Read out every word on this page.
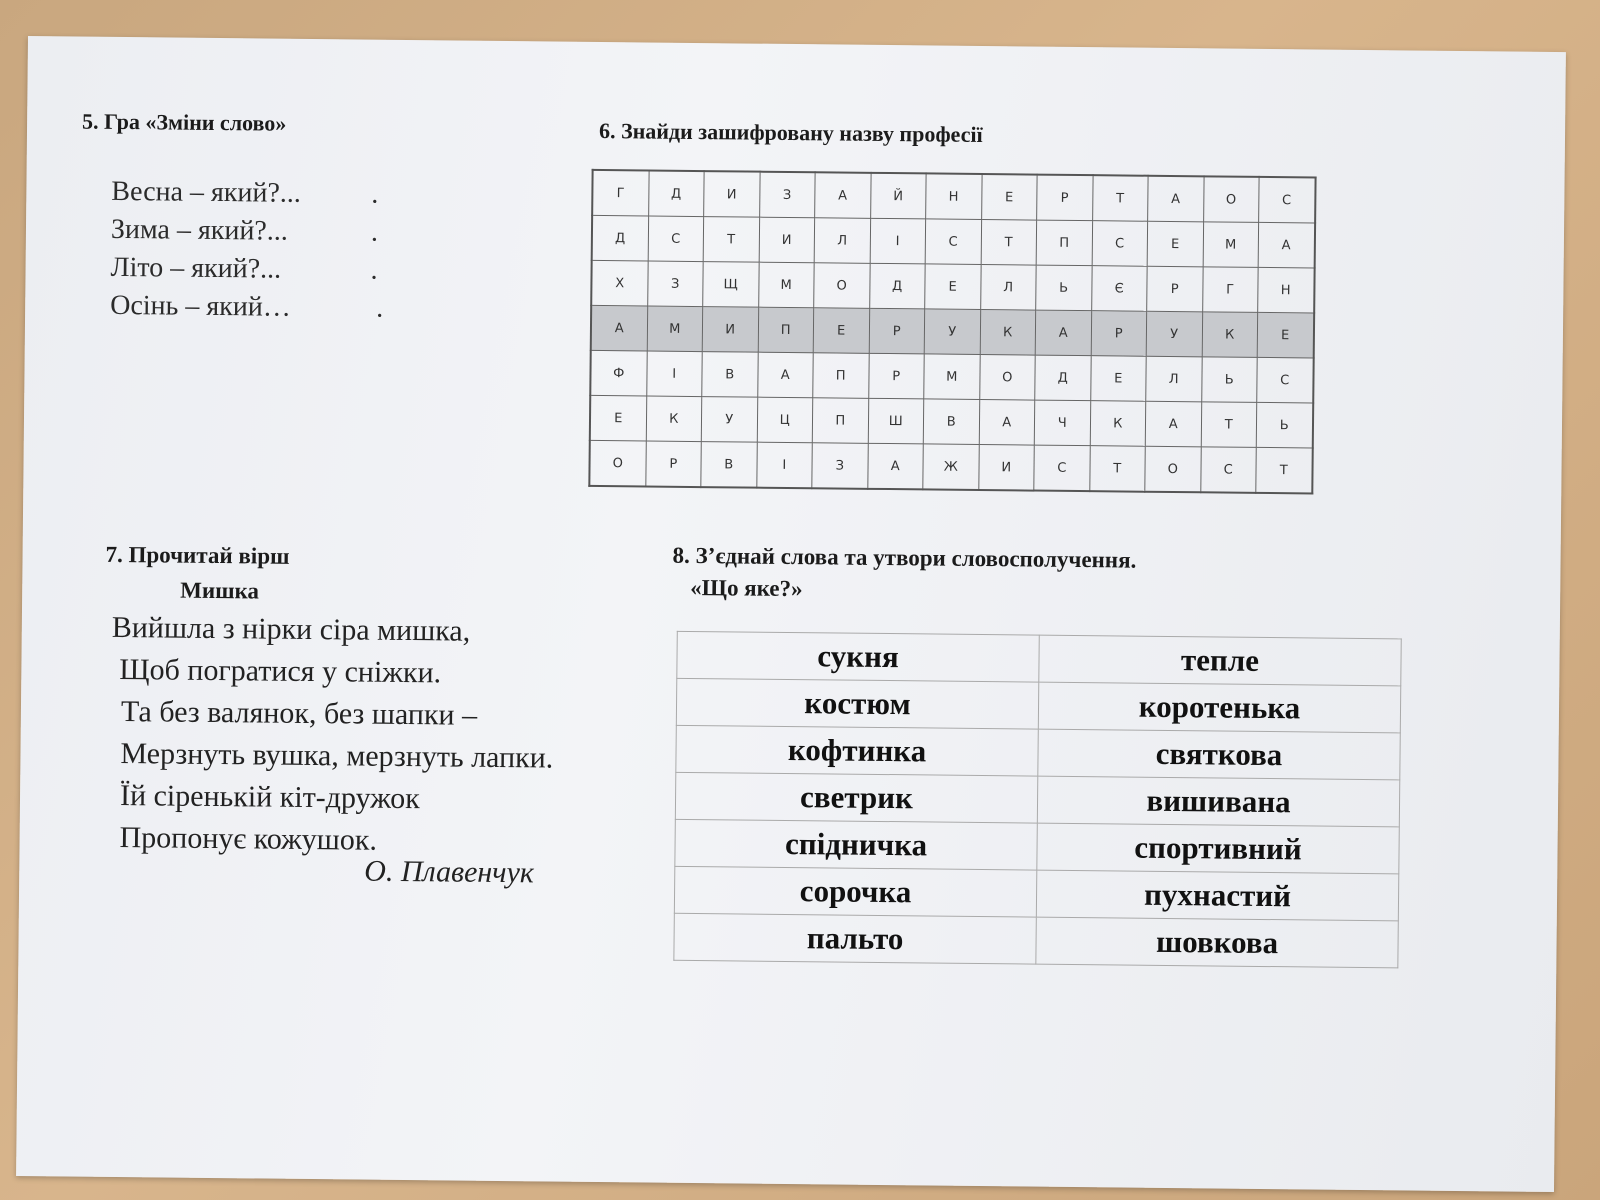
5. Гра «Зміни слово»
Весна – який?...	.
Зима – який?...	.
Літо – який?...	.
Осінь – який…	.
6. Знайди зашифровану назву професії
Г	Д	И	З	А	Й	Н	Е	Р	Т	А	О	С
Д	С	Т	И	Л	І	С	Т	П	С	Е	М	А
Х	З	Щ	М	О	Д	Е	Л	Ь	Є	Р	Г	Н
А	М	И	П	Е	Р	У	К	А	Р	У	К	Е
Ф	І	В	А	П	Р	М	О	Д	Е	Л	Ь	С
Е	К	У	Ц	П	Ш	В	А	Ч	К	А	Т	Ь
О	Р	В	І	З	А	Ж	И	С	Т	О	С	Т
7. Прочитай вірш
Мишка
Вийшла з нірки сіра мишка,
Щоб погратися у сніжки.
Та без валянок, без шапки –
Мерзнуть вушка, мерзнуть лапки.
Їй сіренькій кіт-дружок
Пропонує кожушок.
О. Плавенчук
8. З’єднай слова та утвори словосполучення.
«Що яке?»
сукня	тепле
костюм	коротенька
кофтинка	святкова
светрик	вишивана
спідничка	спортивний
сорочка	пухнастий
пальто	шовкова
